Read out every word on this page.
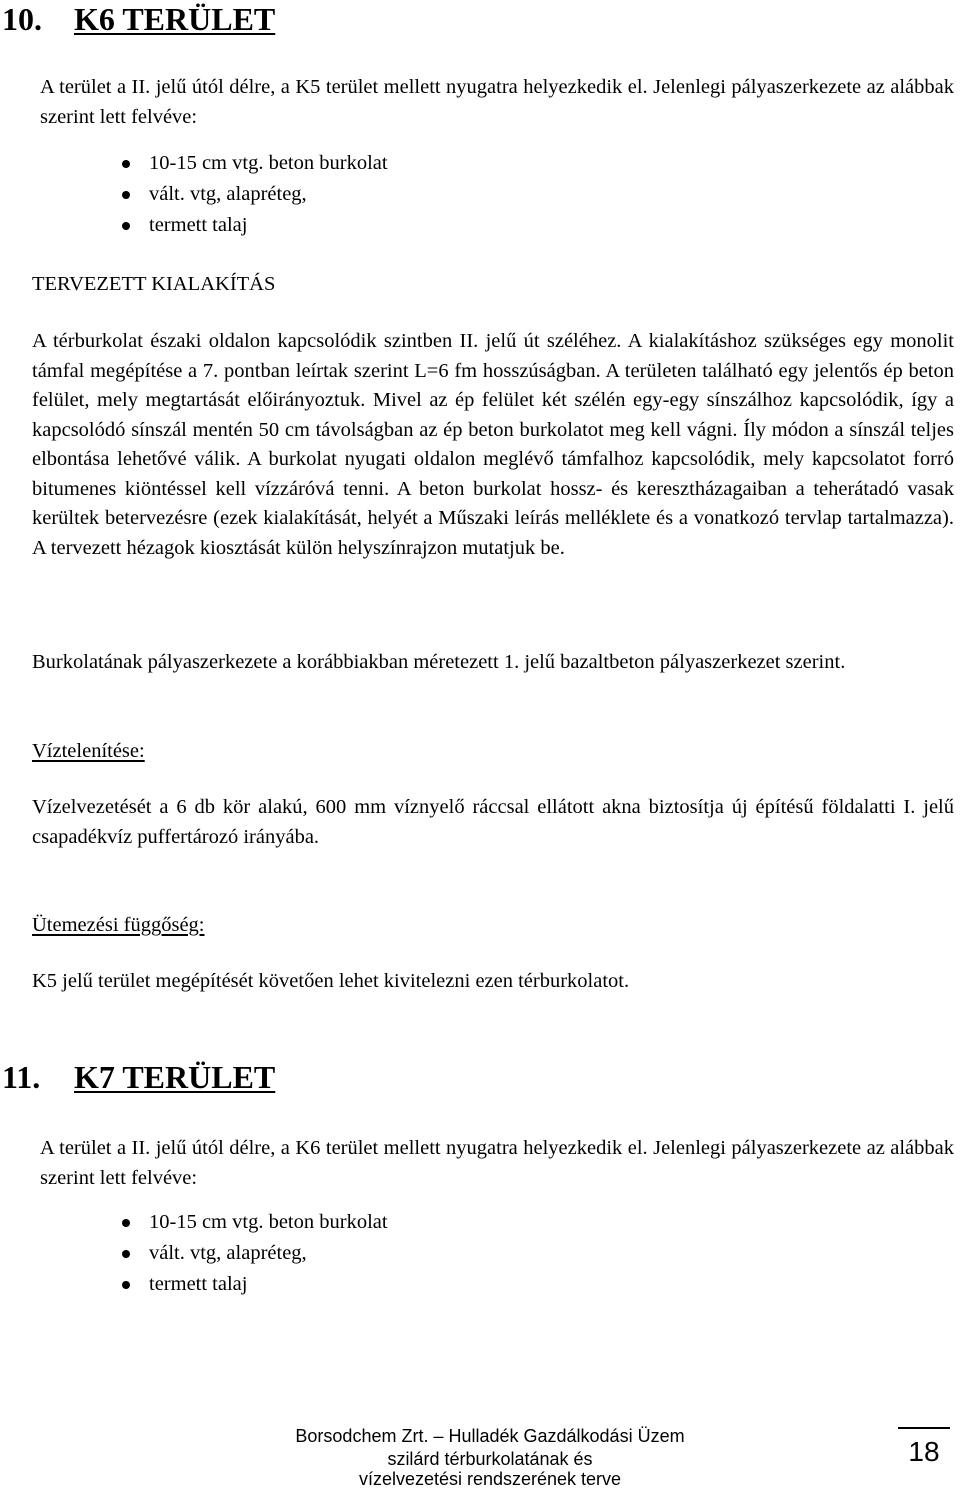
10. K6 TERÜLET

A terület a II. jelű útól délre, a K5 terület mellett nyugatra helyezkedik el. Jelenlegi pályaszerkezete az alábbak szerint lett felvéve:

10-15 cm vtg. beton burkolat
vált. vtg, alapréteg,
termett talaj
TERVEZETT KIALAKÍTÁS

A térburkolat északi oldalon kapcsolódik szintben II. jelű út széléhez. A kialakításhoz szükséges egy monolit támfal megépítése a 7. pontban leírtak szerint L=6 fm hosszúságban. A területen található egy jelentős ép beton felület, mely megtartását előirányoztuk. Mivel az ép felület két szélén egy-egy sínszálhoz kapcsolódik, így a kapcsolódó sínszál mentén 50 cm távolságban az ép beton burkolatot meg kell vágni. Íly módon a sínszál teljes elbontása lehetővé válik. A burkolat nyugati oldalon meglévő támfalhoz kapcsolódik, mely kapcsolatot forró bitumenes kiöntéssel kell vízzáróvá tenni. A beton burkolat hossz- és keresztházagaiban a teherátadó vasak kerültek betervezésre (ezek kialakítását, helyét a Műszaki leírás melléklete és a vonatkozó tervlap tartalmazza). A tervezett hézagok kiosztását külön helyszínrajzon mutatjuk be.

Burkolatának pályaszerkezete a korábbiakban méretezett 1. jelű bazaltbeton pályaszerkezet szerint.

Víztelenítése:

Vízelvezetését a 6 db kör alakú, 600 mm víznyelő ráccsal ellátott akna biztosítja új építésű földalatti I. jelű csapadékvíz puffertározó irányába.

Ütemezési függőség:

K5 jelű terület megépítését követően lehet kivitelezni ezen térburkolatot.

11. K7 TERÜLET

A terület a II. jelű útól délre, a K6 terület mellett nyugatra helyezkedik el. Jelenlegi pályaszerkezete az alábbak szerint lett felvéve:

10-15 cm vtg. beton burkolat
vált. vtg, alapréteg,
termett talaj
Borsodchem Zrt. – Hulladék Gazdálkodási Üzem
szilárd térburkolatának és
vízelvezetési rendszerének terve
18
